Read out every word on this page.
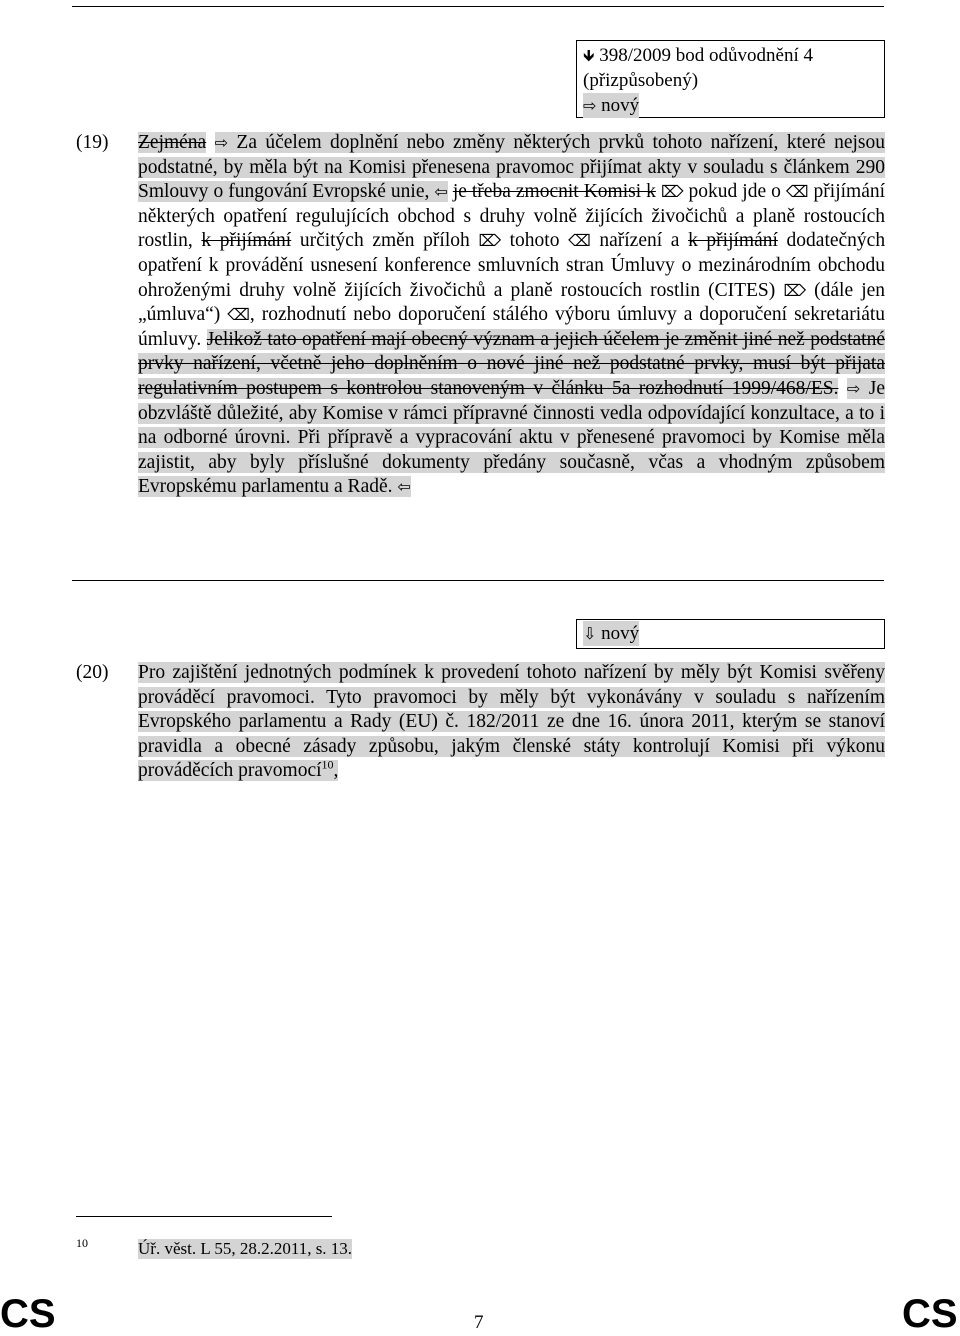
🡻 398/2009 bod odůvodnění 4
(přizpůsobený)
⇨ nový
(19) Zejména ⇨ Za účelem doplnění nebo změny některých prvků tohoto nařízení, které nejsou podstatné, by měla být na Komisi přenesena pravomoc přijímat akty v souladu s článkem 290 Smlouvy o fungování Evropské unie, ⇦ je třeba zmocnit Komisi k ⌦ pokud jde o ⌫ přijímání některých opatření regulujících obchod s druhy volně žijících živočichů a planě rostoucích rostlin, k přijímání určitých změn příloh ⌦ tohoto ⌫ nařízení a k přijímání dodatečných opatření k provádění usnesení konference smluvních stran Úmluvy o mezinárodním obchodu ohroženými druhy volně žijících živočichů a planě rostoucích rostlin (CITES) ⌦ (dále jen „úmluva“) ⌫, rozhodnutí nebo doporučení stálého výboru úmluvy a doporučení sekretariátu úmluvy. Jelikož tato opatření mají obecný význam a jejich účelem je změnit jiné než podstatné prvky nařízení, včetně jeho doplněním o nové jiné než podstatné prvky, musí být přijata regulativním postupem s kontrolou stanoveným v článku 5a rozhodnutí 1999/468/ES. ⇨ Je obzvláště důležité, aby Komise v rámci přípravné činnosti vedla odpovídající konzultace, a to i na odborné úrovni. Při přípravě a vypracování aktu v přenesené pravomoci by Komise měla zajistit, aby byly příslušné dokumenty předány současně, včas a vhodným způsobem Evropskému parlamentu a Radě. ⇦
⇩ nový
(20) Pro zajištění jednotných podmínek k provedení tohoto nařízení by měly být Komisi svěřeny prováděcí pravomoci. Tyto pravomoci by měly být vykonávány v souladu s nařízením Evropského parlamentu a Rady (EU) č. 182/2011 ze dne 16. února 2011, kterým se stanoví pravidla a obecné zásady způsobu, jakým členské státy kontrolují Komisi při výkonu prováděcích pravomocí$^{10}$,
10	Úř. věst. L 55, 28.2.2011, s. 13.
CS	7	CS
